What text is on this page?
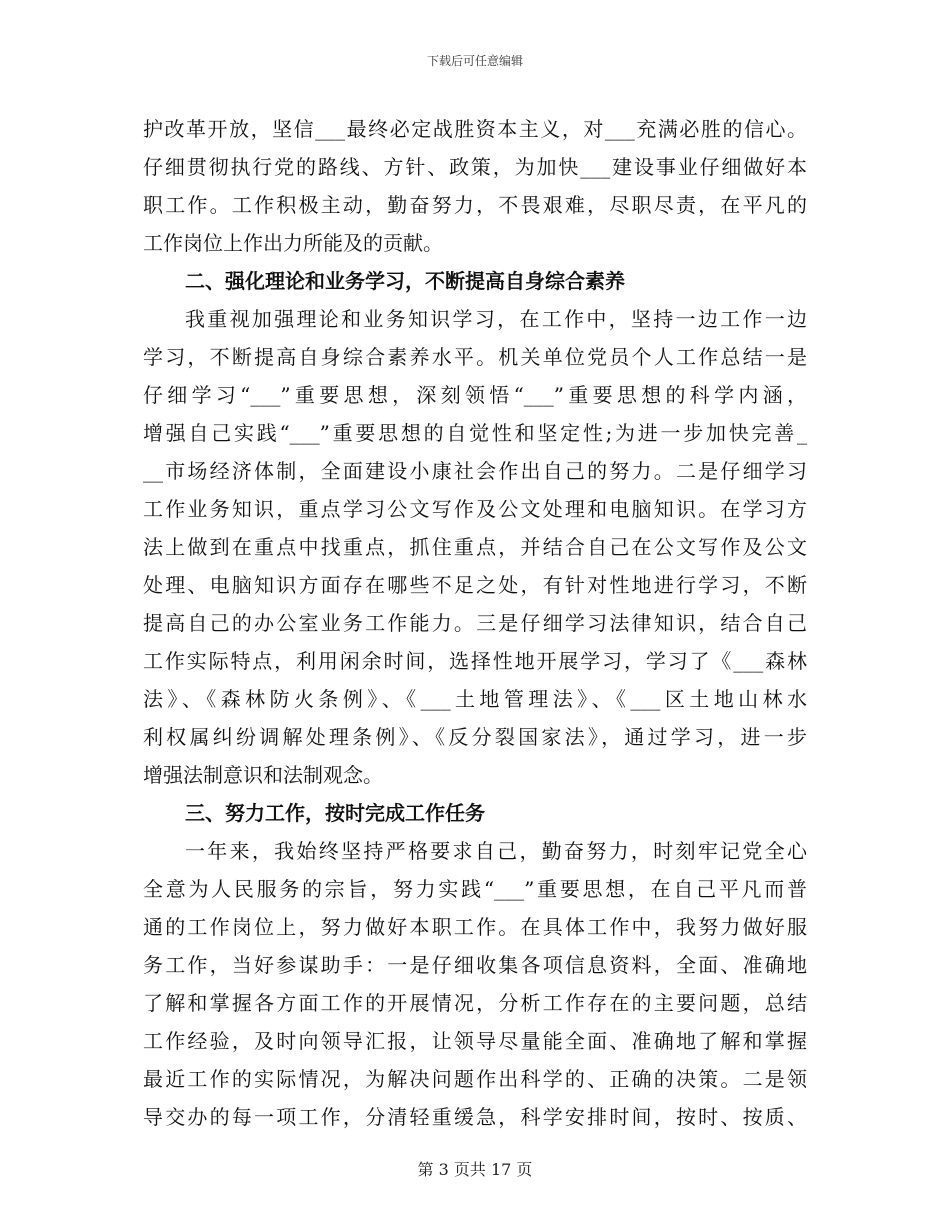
下载后可任意编辑
护改革开放，坚信___最终必定战胜资本主义，对___充满必胜的信心。
仔细贯彻执行党的路线、方针、政策，为加快___建设事业仔细做好本
职工作。工作积极主动，勤奋努力，不畏艰难，尽职尽责，在平凡的
工作岗位上作出力所能及的贡献。
二、强化理论和业务学习，不断提高自身综合素养
我重视加强理论和业务知识学习，在工作中，坚持一边工作一边
学习，不断提高自身综合素养水平。机关单位党员个人工作总结一是
仔细学习“___”重要思想，深刻领悟“___”重要思想的科学内涵，
增强自己实践“___”重要思想的自觉性和坚定性;为进一步加快完善_
__市场经济体制，全面建设小康社会作出自己的努力。二是仔细学习
工作业务知识，重点学习公文写作及公文处理和电脑知识。在学习方
法上做到在重点中找重点，抓住重点，并结合自己在公文写作及公文
处理、电脑知识方面存在哪些不足之处，有针对性地进行学习，不断
提高自己的办公室业务工作能力。三是仔细学习法律知识，结合自己
工作实际特点，利用闲余时间，选择性地开展学习，学习了《___森林
法》、《森林防火条例》、《___土地管理法》、《___区土地山林水
利权属纠纷调解处理条例》、《反分裂国家法》，通过学习，进一步
增强法制意识和法制观念。
三、努力工作，按时完成工作任务
一年来，我始终坚持严格要求自己，勤奋努力，时刻牢记党全心
全意为人民服务的宗旨，努力实践“___”重要思想，在自己平凡而普
通的工作岗位上，努力做好本职工作。在具体工作中，我努力做好服
务工作，当好参谋助手：一是仔细收集各项信息资料，全面、准确地
了解和掌握各方面工作的开展情况，分析工作存在的主要问题，总结
工作经验，及时向领导汇报，让领导尽量能全面、准确地了解和掌握
最近工作的实际情况，为解决问题作出科学的、正确的决策。二是领
导交办的每一项工作，分清轻重缓急，科学安排时间，按时、按质、
第 3 页共 17 页
